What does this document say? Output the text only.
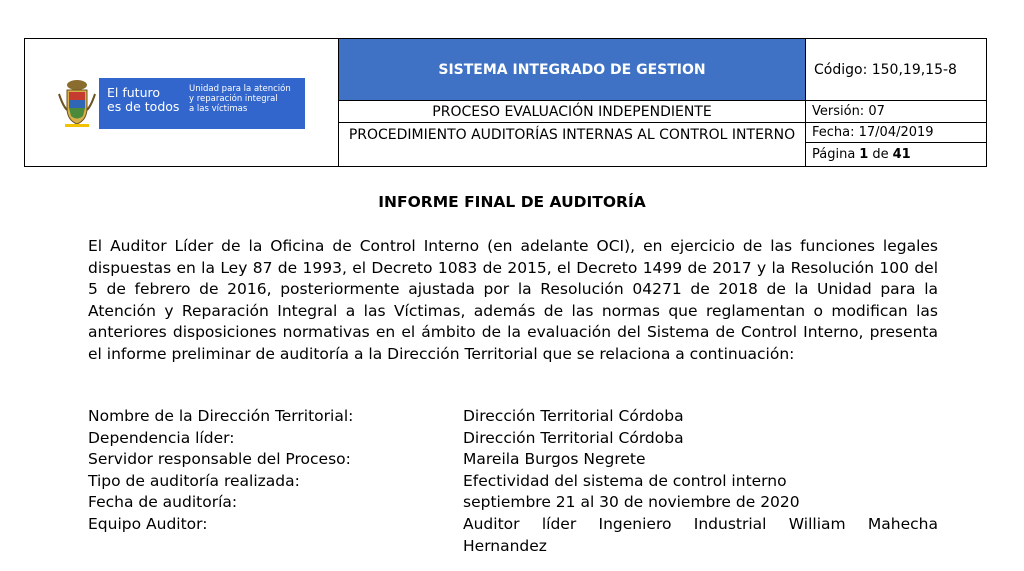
El futuro
es de todos
Unidad para la atención
y reparación integral
a las víctimas
SISTEMA INTEGRADO DE GESTION	Código: 150,19,15-8
PROCESO EVALUACIÓN INDEPENDIENTE	Versión: 07
PROCEDIMIENTO AUDITORÍAS INTERNAS AL CONTROL INTERNO	Fecha: 17/04/2019
Página 1 de 41
INFORME FINAL DE AUDITORÍA
El Auditor Líder de la Oficina de Control Interno (en adelante OCI), en ejercicio de las funciones legales dispuestas en la Ley 87 de 1993, el Decreto 1083 de 2015, el Decreto 1499 de 2017 y la Resolución 100 del 5 de febrero de 2016, posteriormente ajustada por la Resolución 04271 de 2018 de la Unidad para la Atención y Reparación Integral a las Víctimas, además de las normas que reglamentan o modifican las anteriores disposiciones normativas en el ámbito de la evaluación del Sistema de Control Interno, presenta el informe preliminar de auditoría a la Dirección Territorial que se relaciona a continuación:
Nombre de la Dirección Territorial:	Dirección Territorial Córdoba
Dependencia líder:	Dirección Territorial Córdoba
Servidor responsable del Proceso:	Mareila Burgos Negrete
Tipo de auditoría realizada:	Efectividad del sistema de control interno
Fecha de auditoría:	septiembre 21 al 30 de noviembre de 2020
Equipo Auditor:	Auditor líder Ingeniero Industrial William Mahecha Hernandez
